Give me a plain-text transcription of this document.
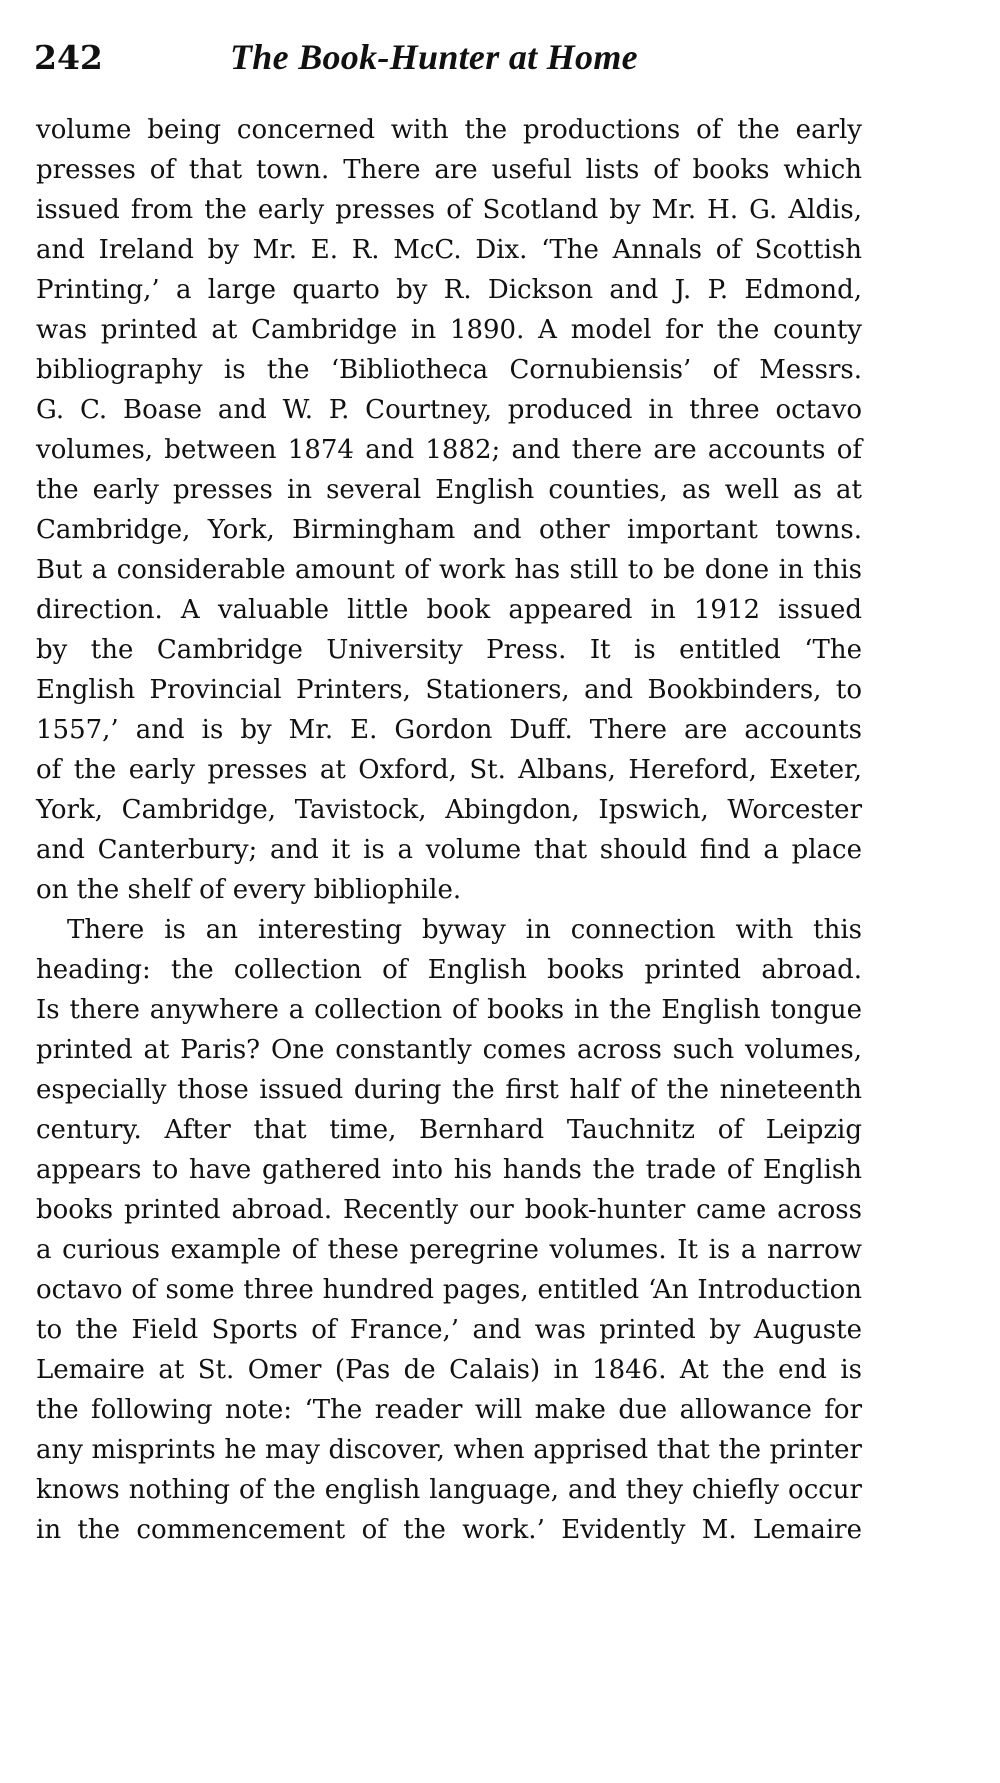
242	The Book-Hunter at Home
volume being concerned with the productions of the early
presses of that town. There are useful lists of books which
issued from the early presses of Scotland by Mr. H. G. Aldis,
and Ireland by Mr. E. R. McC. Dix. ‘The Annals of Scottish
Printing,’ a large quarto by R. Dickson and J. P. Edmond,
was printed at Cambridge in 1890. A model for the county
bibliography is the ‘Bibliotheca Cornubiensis’ of Messrs.
G. C. Boase and W. P. Courtney, produced in three octavo
volumes, between 1874 and 1882; and there are accounts of
the early presses in several English counties, as well as at
Cambridge, York, Birmingham and other important towns.
But a considerable amount of work has still to be done in this
direction. A valuable little book appeared in 1912 issued
by the Cambridge University Press. It is entitled ‘The
English Provincial Printers, Stationers, and Bookbinders, to
1557,’ and is by Mr. E. Gordon Duff. There are accounts
of the early presses at Oxford, St. Albans, Hereford, Exeter,
York, Cambridge, Tavistock, Abingdon, Ipswich, Worcester
and Canterbury; and it is a volume that should find a place
on the shelf of every bibliophile.
There is an interesting byway in connection with this
heading: the collection of English books printed abroad.
Is there anywhere a collection of books in the English tongue
printed at Paris? One constantly comes across such volumes,
especially those issued during the first half of the nineteenth
century. After that time, Bernhard Tauchnitz of Leipzig
appears to have gathered into his hands the trade of English
books printed abroad. Recently our book-hunter came across
a curious example of these peregrine volumes. It is a narrow
octavo of some three hundred pages, entitled ‘An Introduction
to the Field Sports of France,’ and was printed by Auguste
Lemaire at St. Omer (Pas de Calais) in 1846. At the end is
the following note: ‘The reader will make due allowance for
any misprints he may discover, when apprised that the printer
knows nothing of the english language, and they chiefly occur
in the commencement of the work.’ Evidently M. Lemaire
